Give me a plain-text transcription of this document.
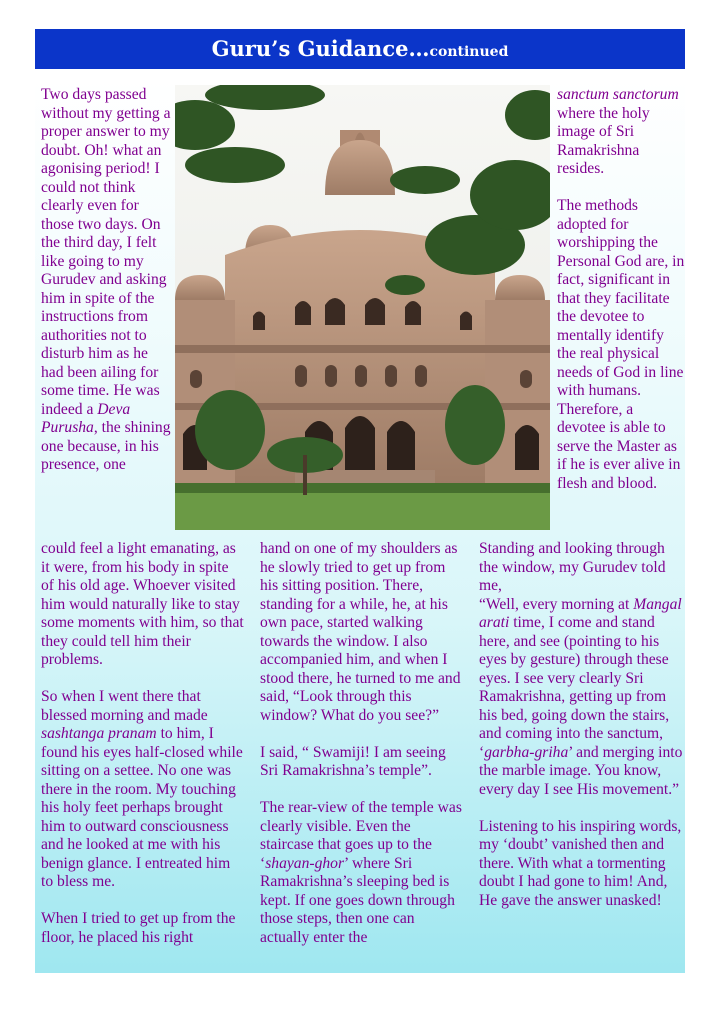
Guru’s Guidance…continued

Two days passed without my getting a proper answer to my doubt. Oh! what an agonising period! I could not think clearly even for those two days. On the third day, I felt like going to my Gurudev and asking him in spite of the instructions from authorities not to disturb him as he had been ailing for some time. He was indeed a Deva Purusha, the shining one because, in his presence, one

sanctum sanctorum where the holy image of Sri Ramakrishna resides.

The methods adopted for worshipping the Personal God are, in fact, significant in that they facilitate the devotee to mentally identify the real physical needs of God in line with humans. Therefore, a devotee is able to serve the Master as if he is ever alive in flesh and blood.

could feel a light emanating, as it were, from his body in spite of his old age. Whoever visited him would naturally like to stay some moments with him, so that they could tell him their problems.

So when I went there that blessed morning and made sashtanga pranam to him, I found his eyes half-closed while sitting on a settee. No one was there in the room. My touching his holy feet perhaps brought him to outward consciousness and he looked at me with his benign glance. I entreated him to bless me.

When I tried to get up from the floor, he placed his right

hand on one of my shoulders as he slowly tried to get up from his sitting position. There, standing for a while, he, at his own pace, started walking towards the window. I also accompanied him, and when I stood there, he turned to me and said, “Look through this window? What do you see?”

I said, “ Swamiji! I am seeing Sri Ramakrishna’s temple”.

The rear-view of the temple was clearly visible. Even the staircase that goes up to the ‘shayan-ghor’ where Sri Ramakrishna’s sleeping bed is kept. If one goes down through those steps, then one can actually enter the

Standing and looking through the window, my Gurudev told me,
“Well, every morning at Mangal arati time, I come and stand here, and see (pointing to his eyes by gesture) through these eyes. I see very clearly Sri Ramakrishna, getting up from his bed, going down the stairs, and coming into the sanctum, ‘garbha-griha’ and merging into the marble image. You know, every day I see His movement.”

Listening to his inspiring words, my ‘doubt’ vanished then and there. With what a tormenting doubt I had gone to him! And, He gave the answer unasked!
